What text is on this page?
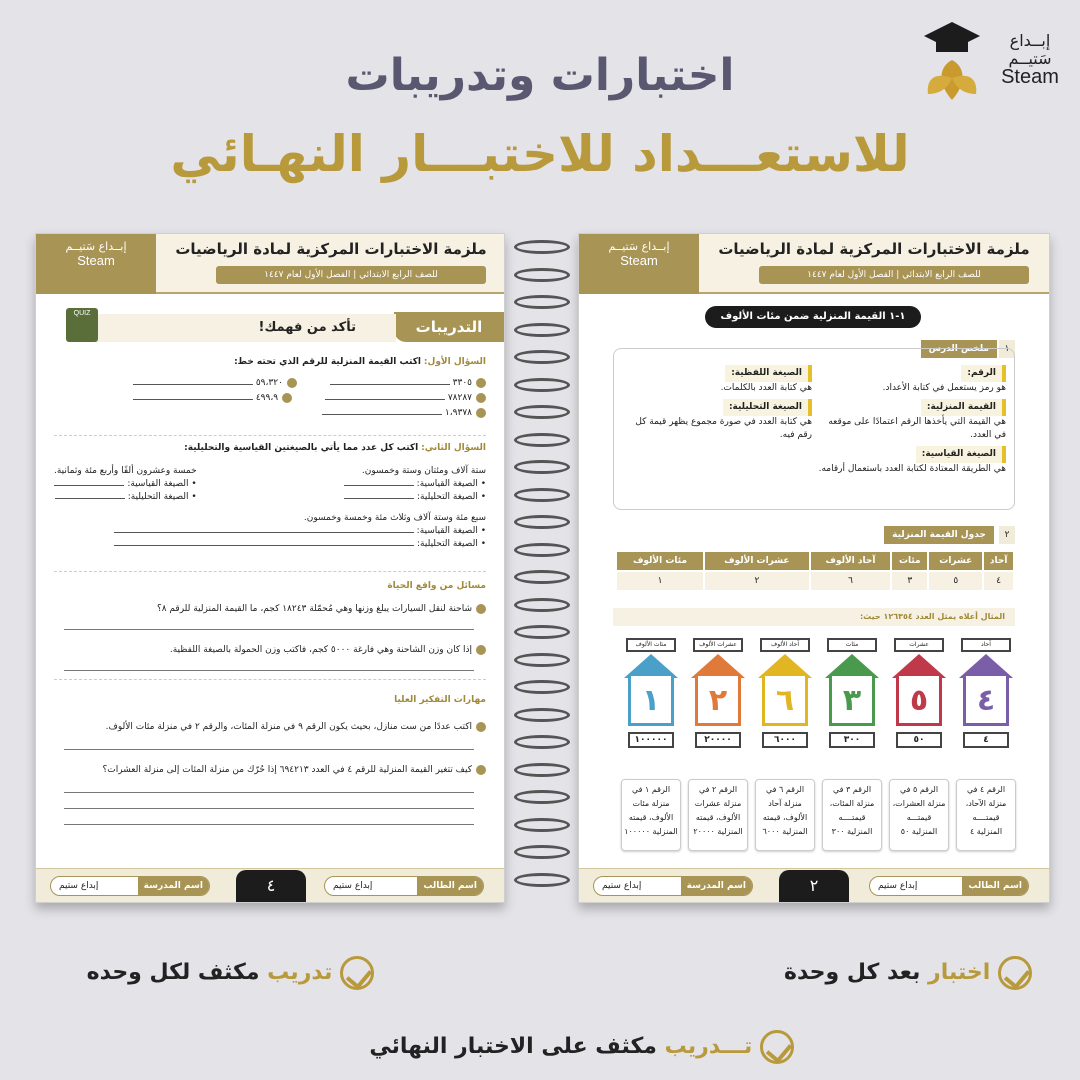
إبــداع سَتيــم
Steam
اختبارات وتدريبات
للاستعـــداد للاختبـــار النهـائي
إبــداع سَتيــم
Steam
ملزمة الاختبارات المركزية لمادة الرياضيات
للصف الرابع الابتدائي | الفصل الأول لعام ١٤٤٧
التدريبات
تأكد من فهمك!
QUIZ
السؤال الأول: اكتب القيمة المنزلية للرقم الذي تحته خط:
٣٣٠٥  ٥٩،٣٢٠
٧٨٢٨٧  ٤٩٩،٩
١،٩٣٧٨
السؤال الثاني: اكتب كل عدد مما يأتي بالصيغتين القياسية والتحليلية:
ستة آلاف ومئتان وستة وخمسون.
• الصيغة القياسية:
• الصيغة التحليلية:
خمسة وعشرون ألفًا وأربع مئة وثمانية.
• الصيغة القياسية:
• الصيغة التحليلية:
سبع مئة وستة آلاف وثلاث مئة وخمسة وخمسون.
• الصيغة القياسية:
• الصيغة التحليلية:
مسائل من واقع الحياة
شاحنة لنقل السيارات يبلغ وزنها وهي مُحمّلة ١٨٢٤٣ كجم، ما القيمة المنزلية للرقم ٨؟
إذا كان وزن الشاحنة وهي فارغة ٥٠٠٠ كجم، فاكتب وزن الحمولة بالصيغة اللفظية.
مهارات التفكير العليا
اكتب عددًا من ست منازل، بحيث يكون الرقم ٩ في منزلة المئات، والرقم ٢ في منزلة مئات الألوف.
كيف تتغير القيمة المنزلية للرقم ٤ في العدد ٦٩٤٢١٣ إذا حُرّك من منزلة المئات إلى منزلة العشرات؟
اسم الطالب
إبداع ستيم
٤
اسم المدرسة
إبداع ستيم
إبــداع سَتيــم
Steam
ملزمة الاختبارات المركزية لمادة الرياضيات
للصف الرابع الابتدائي | الفصل الأول لعام ١٤٤٧
١-١ القيمة المنزلية ضمن مئات الألوف
١
ملخص الدرس
الرقم:
هو رمز يستعمل في كتابة الأعداد.
القيمة المنزلية:
هي القيمة التي يأخذها الرقم اعتمادًا على موقعه في العدد.
الصيغة اللفظية:
هي كتابة العدد بالكلمات.
الصيغة التحليلية:
هي كتابة العدد في صورة مجموع يظهر قيمة كل رقم فيه.
الصيغة القياسية:
هي الطريقة المعتادة لكتابة العدد باستعمال أرقامه.
٢ جدول القيمة المنزلية
آحاد	عشرات	مئات	آحاد الألوف	عشرات الألوف	مئات الألوف
٤	٥	٣	٦	٢	١
المثال أعلاه يمثل العدد ١٢٦٣٥٤ حيث:
آحاد
٤
٤
الرقم ٤ في
منزلة الآحاد،
قيمتــــه
المنزلية ٤
عشرات
٥
٥٠
الرقم ٥ في
منزلة العشرات،
قيمتـــه
المنزلية ٥٠
مئات
٣
٣٠٠
الرقم ٣ في
منزلة المئات،
قيمتــــه
المنزلية ٣٠٠
آحاد الألوف
٦
٦٠٠٠
الرقم ٦ في
منزلة آحاد
الألوف، قيمته
المنزلية ٦٠٠٠
عشرات الألوف
٢
٢٠٠٠٠
الرقم ٢ في
منزلة عشرات
الألوف، قيمته
المنزلية ٢٠٠٠٠
مئات الألوف
١
١٠٠٠٠٠
الرقم ١ في
منزلة مئات
الألوف، قيمته
المنزلية ١٠٠٠٠٠
اسم الطالب
إبداع ستيم
٢
اسم المدرسة
إبداع ستيم
اختبار بعد كل وحدة
تدريب مكثف لكل وحده
تـــدريب مكثف على الاختبار النهائي
